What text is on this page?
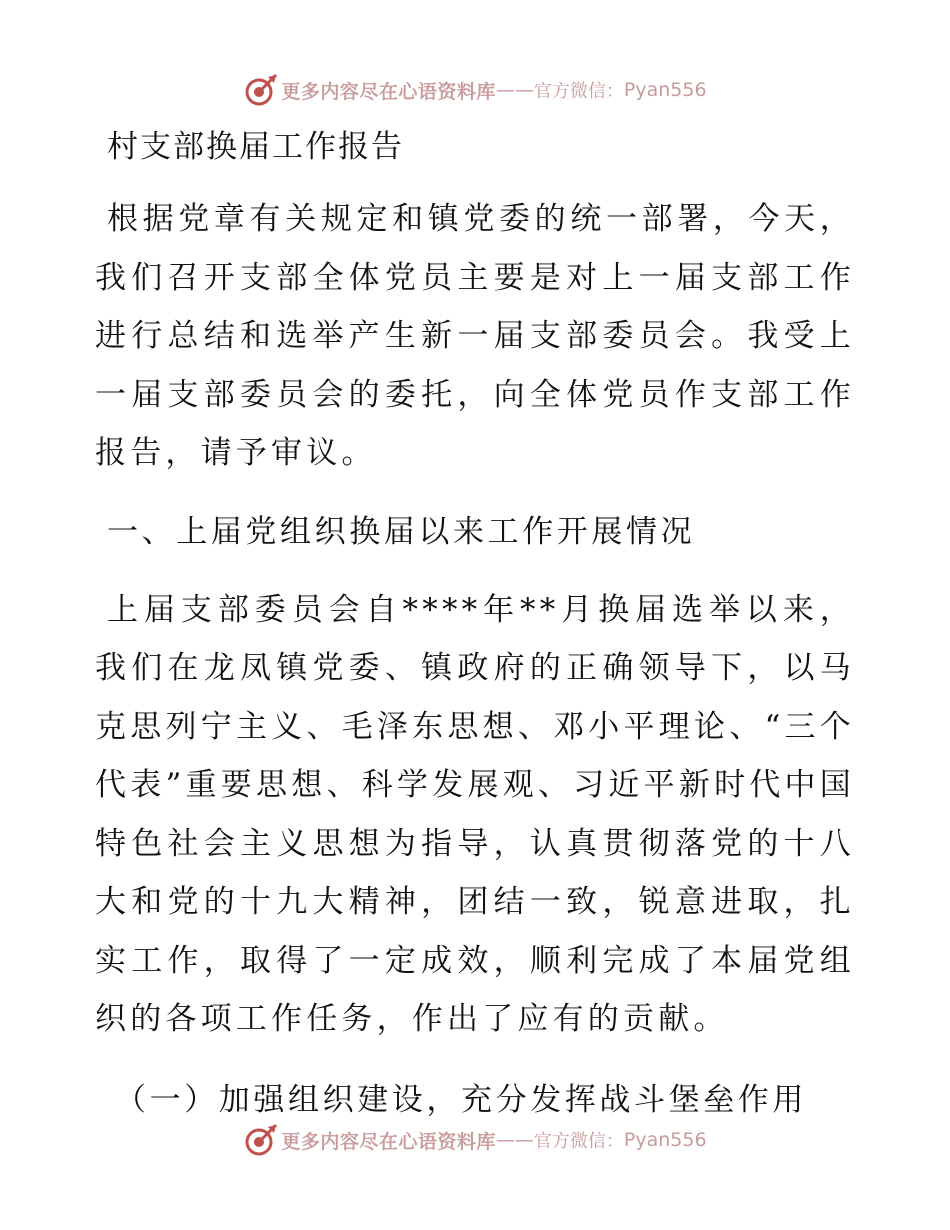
更多内容尽在心语资料库 —— 官方微信： Pyan556
村支部换届工作报告

根据党章有关规定和镇党委的统一部署，今天，我们召开支部全体党员主要是对上一届支部工作进行总结和选举产生新一届支部委员会。我受上一届支部委员会的委托，向全体党员作支部工作报告，请予审议。

一、上届党组织换届以来工作开展情况

上届支部委员会自****年**月换届选举以来，我们在龙凤镇党委、镇政府的正确领导下，以马克思列宁主义、毛泽东思想、邓小平理论、“三个代表”重要思想、科学发展观、习近平新时代中国特色社会主义思想为指导，认真贯彻落党的十八大和党的十九大精神，团结一致，锐意进取，扎实工作，取得了一定成效，顺利完成了本届党组织的各项工作任务，作出了应有的贡献。

（一）加强组织建设，充分发挥战斗堡垒作用
更多内容尽在心语资料库 —— 官方微信： Pyan556
